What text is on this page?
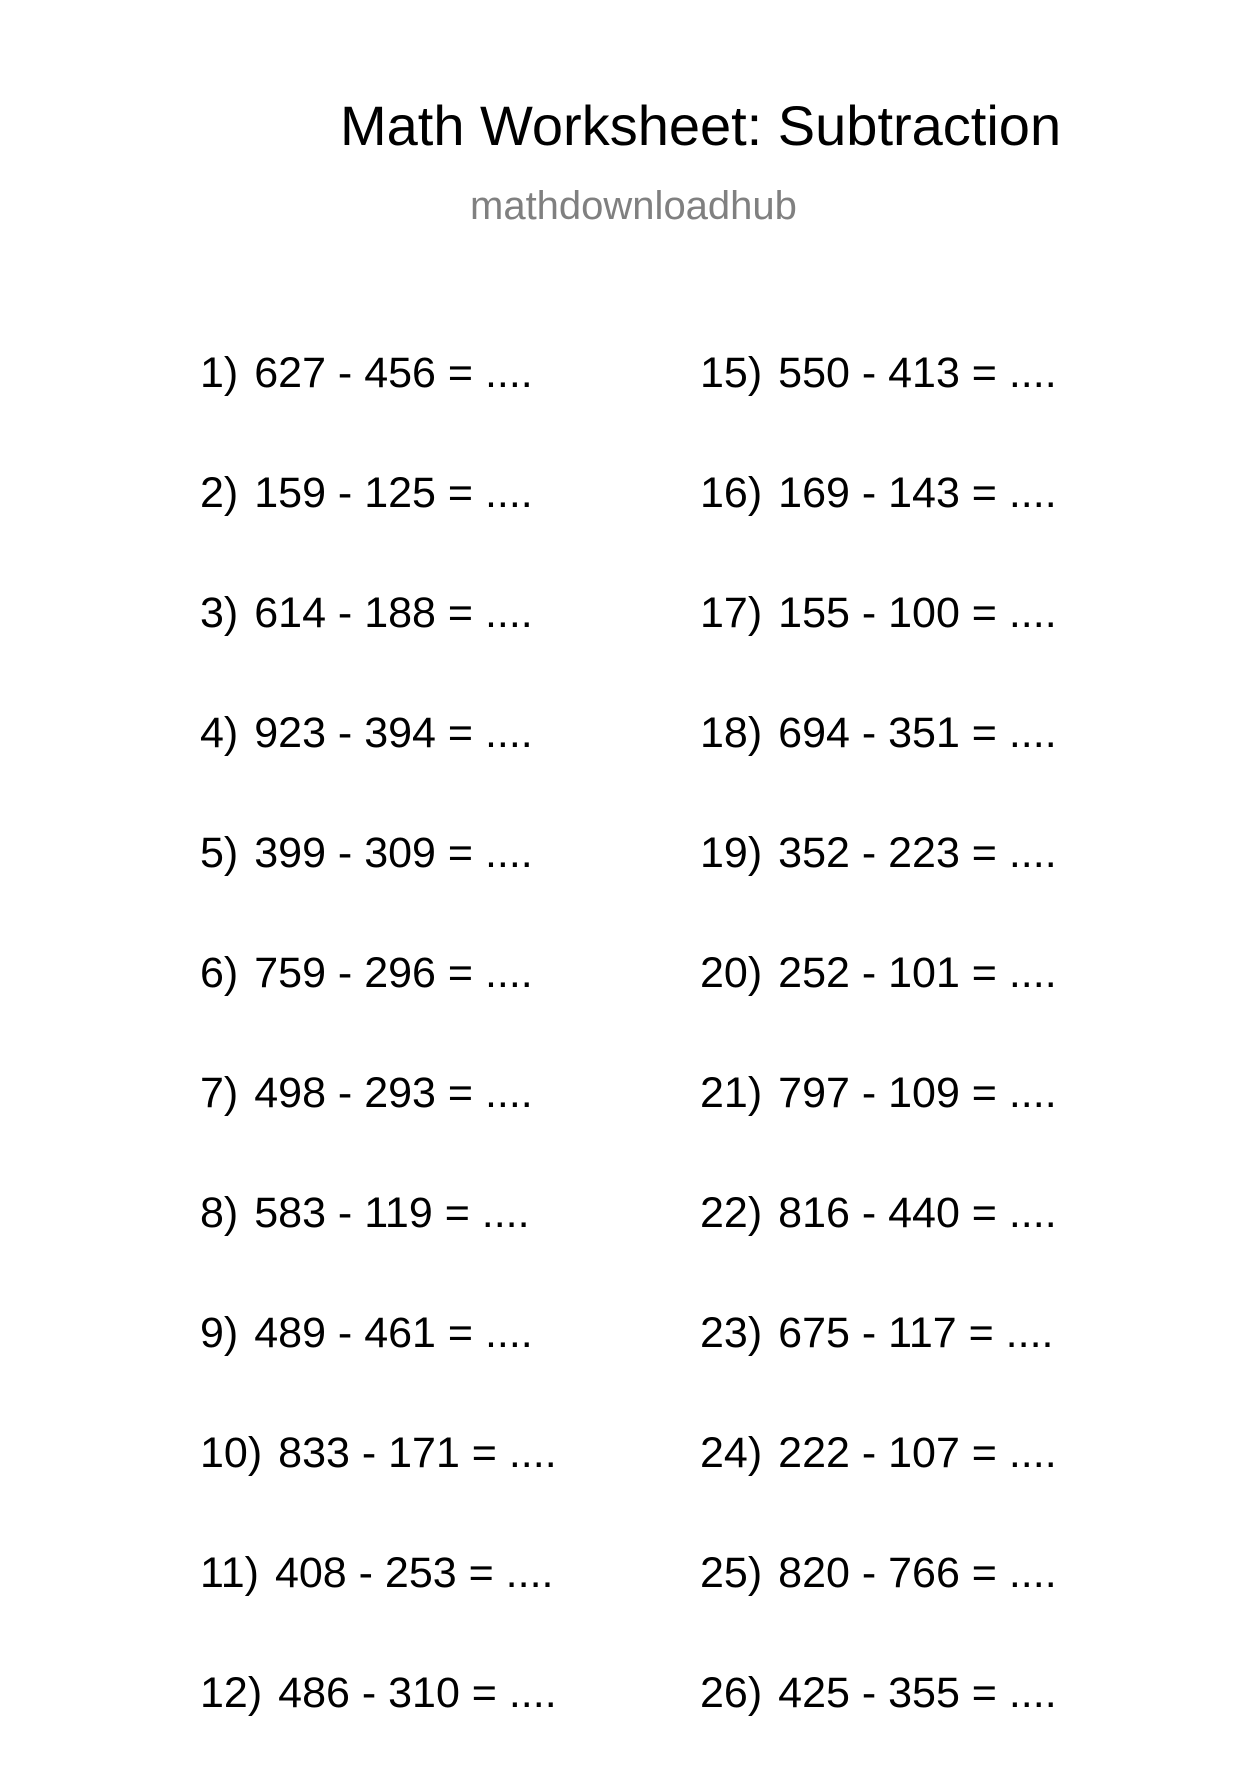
Math Worksheet: Subtraction
mathdownloadhub
1) 627 - 456 = ....
2) 159 - 125 = ....
3) 614 - 188 = ....
4) 923 - 394 = ....
5) 399 - 309 = ....
6) 759 - 296 = ....
7) 498 - 293 = ....
8) 583 - 119 = ....
9) 489 - 461 = ....
10) 833 - 171 = ....
11) 408 - 253 = ....
12) 486 - 310 = ....
15) 550 - 413 = ....
16) 169 - 143 = ....
17) 155 - 100 = ....
18) 694 - 351 = ....
19) 352 - 223 = ....
20) 252 - 101 = ....
21) 797 - 109 = ....
22) 816 - 440 = ....
23) 675 - 117 = ....
24) 222 - 107 = ....
25) 820 - 766 = ....
26) 425 - 355 = ....
